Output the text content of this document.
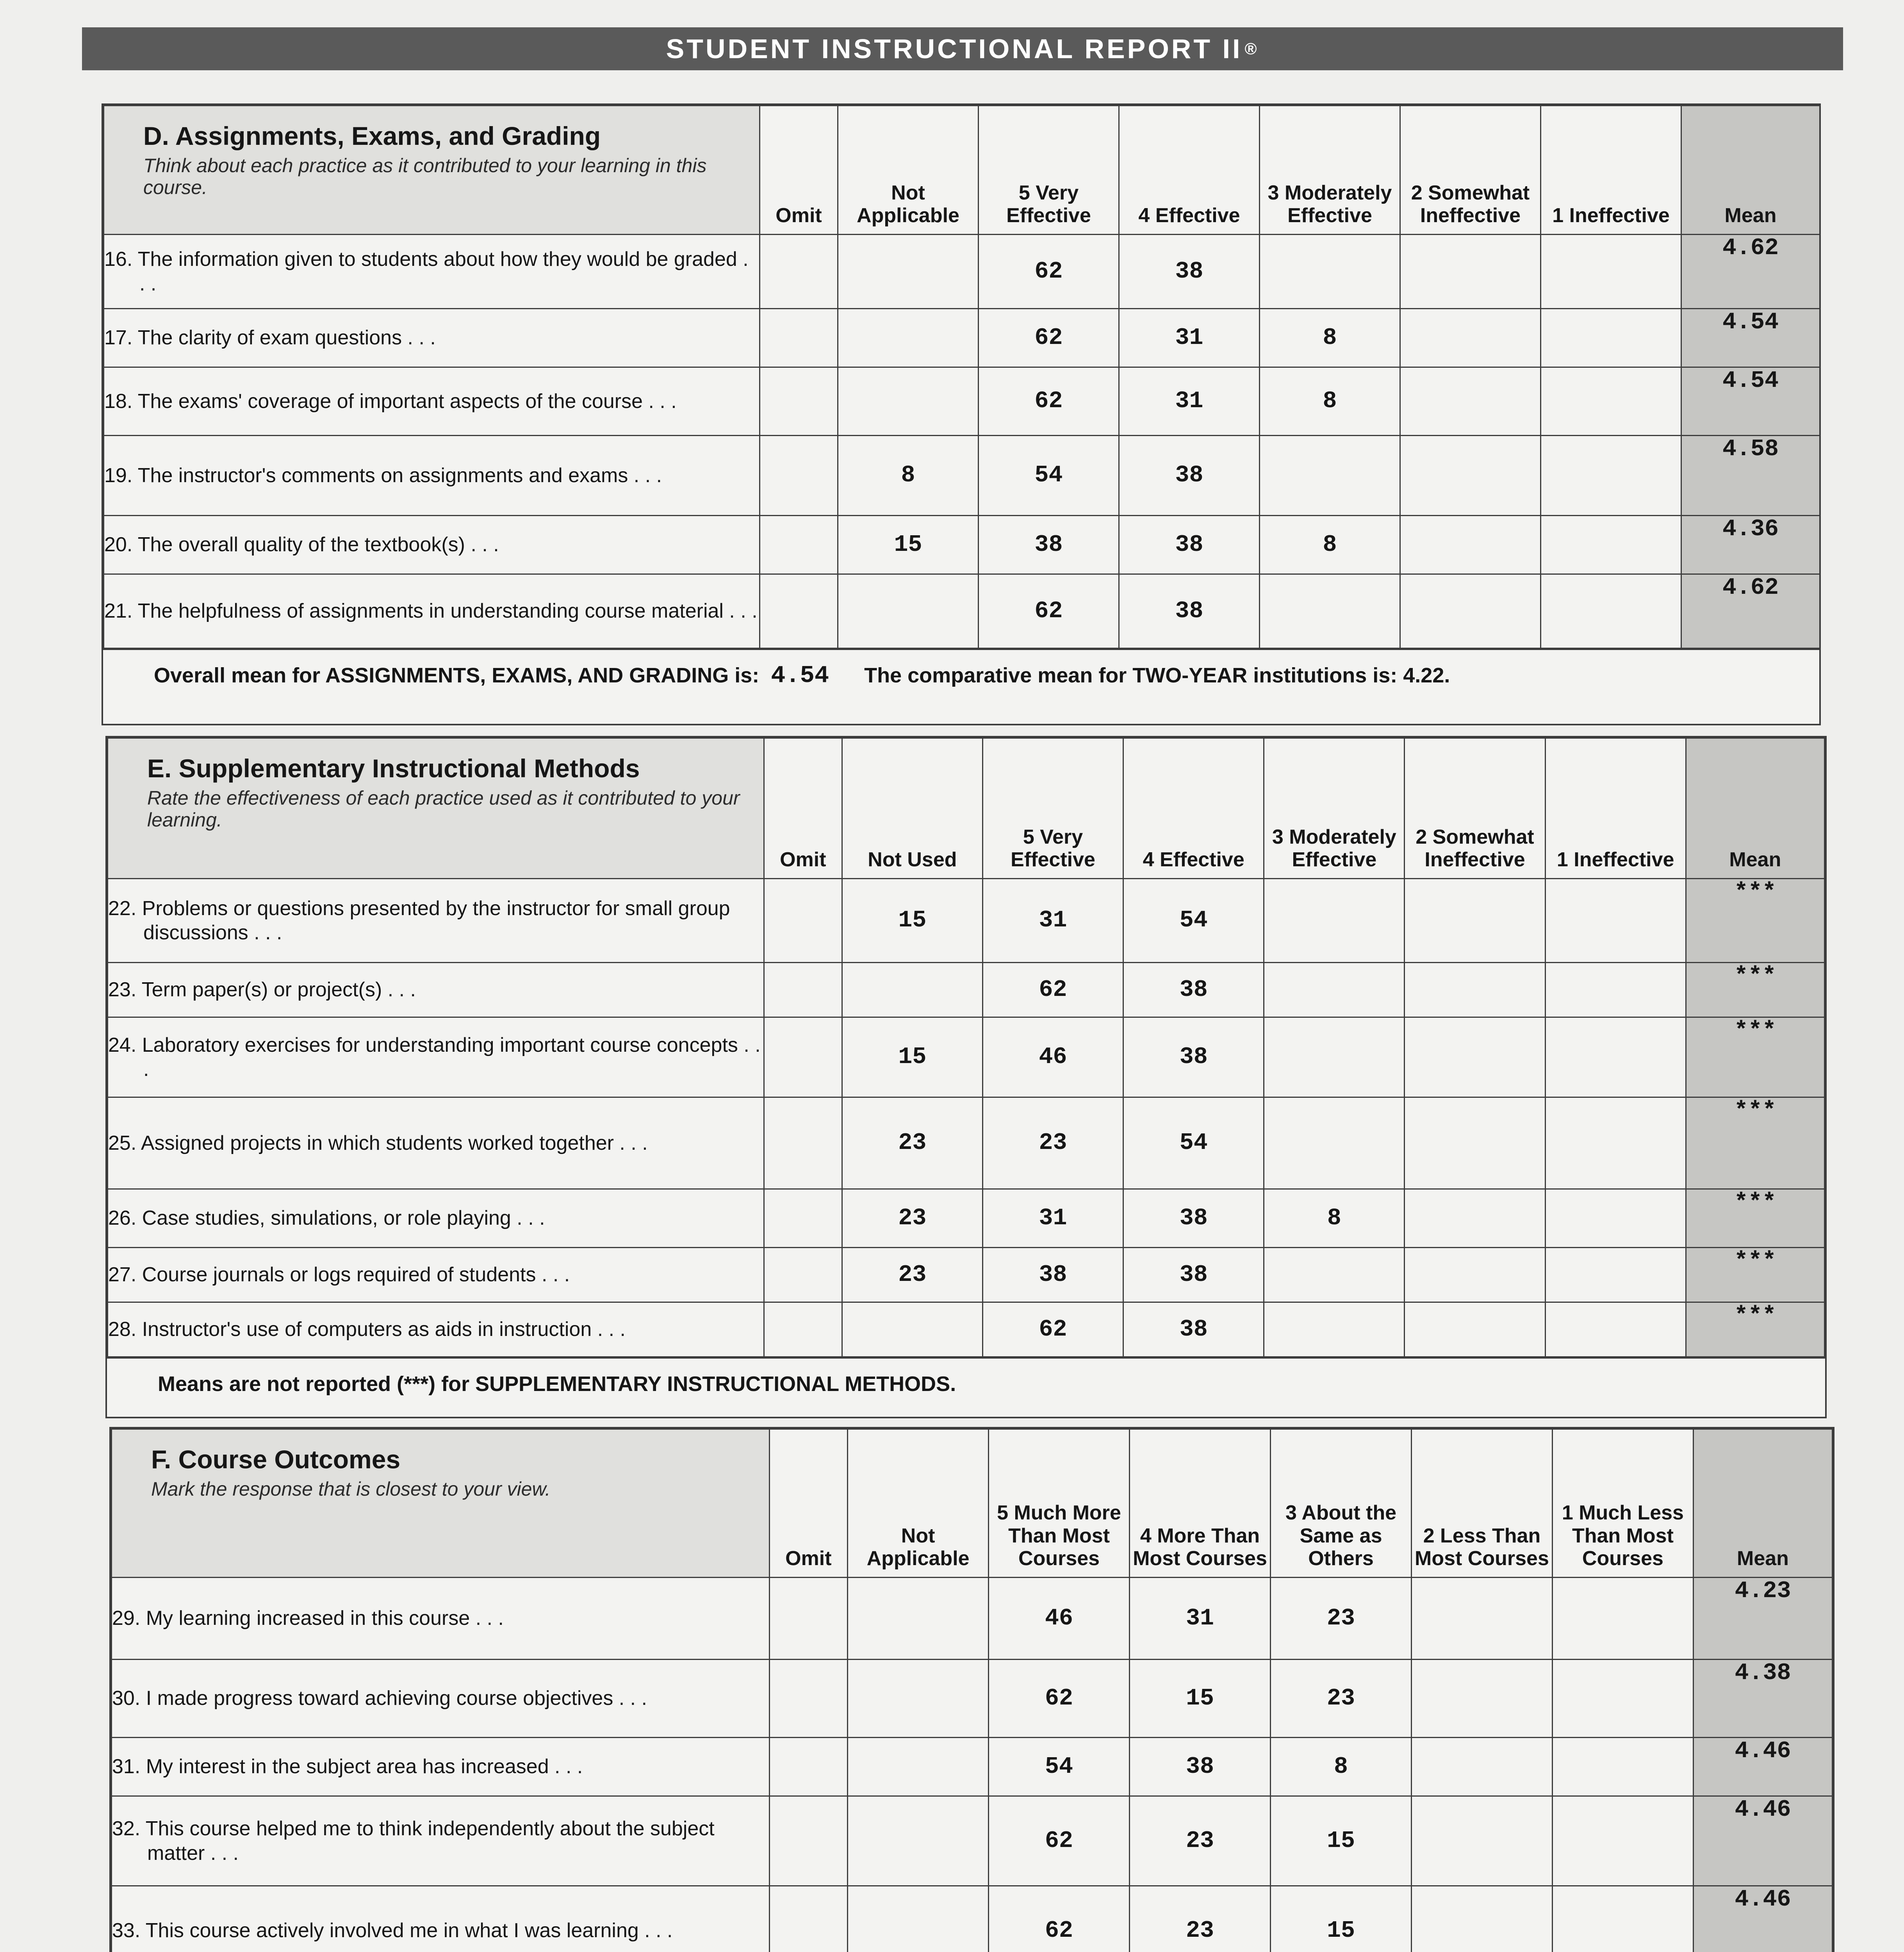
STUDENT INSTRUCTIONAL REPORT II ®
D. Assignments, Exams, and Grading
Think about each practice as it contributed to your learning in this course.	Omit	Not Applicable	5 Very Effective	4 Effective	3 Moderately Effective	2 Somewhat Ineffective	1 Ineffective	Mean

16. The information given to students about how they would be graded . . .			62	38				4.62

17. The clarity of exam questions . . .			62	31	8			4.54

18. The exams' coverage of important aspects of the course . . .			62	31	8			4.54

19. The instructor's comments on assignments and exams . . .		8	54	38				4.58

20. The overall quality of the textbook(s) . . .		15	38	38	8			4.36

21. The helpfulness of assignments in understanding course material . . .			62	38				4.62
Overall mean for ASSIGNMENTS, EXAMS, AND GRADING is: 4.54 The comparative mean for TWO-YEAR institutions is: 4.22.
E. Supplementary Instructional Methods
Rate the effectiveness of each practice used as it contributed to your learning.	Omit	Not Used	5 Very Effective	4 Effective	3 Moderately Effective	2 Somewhat Ineffective	1 Ineffective	Mean

22. Problems or questions presented by the instructor for small group discussions . . .		15	31	54				***

23. Term paper(s) or project(s) . . .			62	38				***

24. Laboratory exercises for understanding important course concepts . . .		15	46	38				***

25. Assigned projects in which students worked together . . .		23	23	54				***

26. Case studies, simulations, or role playing . . .		23	31	38	8			***

27. Course journals or logs required of students . . .		23	38	38				***

28. Instructor's use of computers as aids in instruction . . .			62	38				***
Means are not reported (***) for SUPPLEMENTARY INSTRUCTIONAL METHODS.
F. Course Outcomes
Mark the response that is closest to your view.	Omit	Not Applicable	5 Much More Than Most Courses	4 More Than Most Courses	3 About the Same as Others	2 Less Than Most Courses	1 Much Less Than Most Courses	Mean

29. My learning increased in this course . . .			46	31	23			4.23

30. I made progress toward achieving course objectives . . .			62	15	23			4.38

31. My interest in the subject area has increased . . .			54	38	8			4.46

32. This course helped me to think independently about the subject matter . . .			62	23	15			4.46

33. This course actively involved me in what I was learning . . .			62	23	15			4.46
